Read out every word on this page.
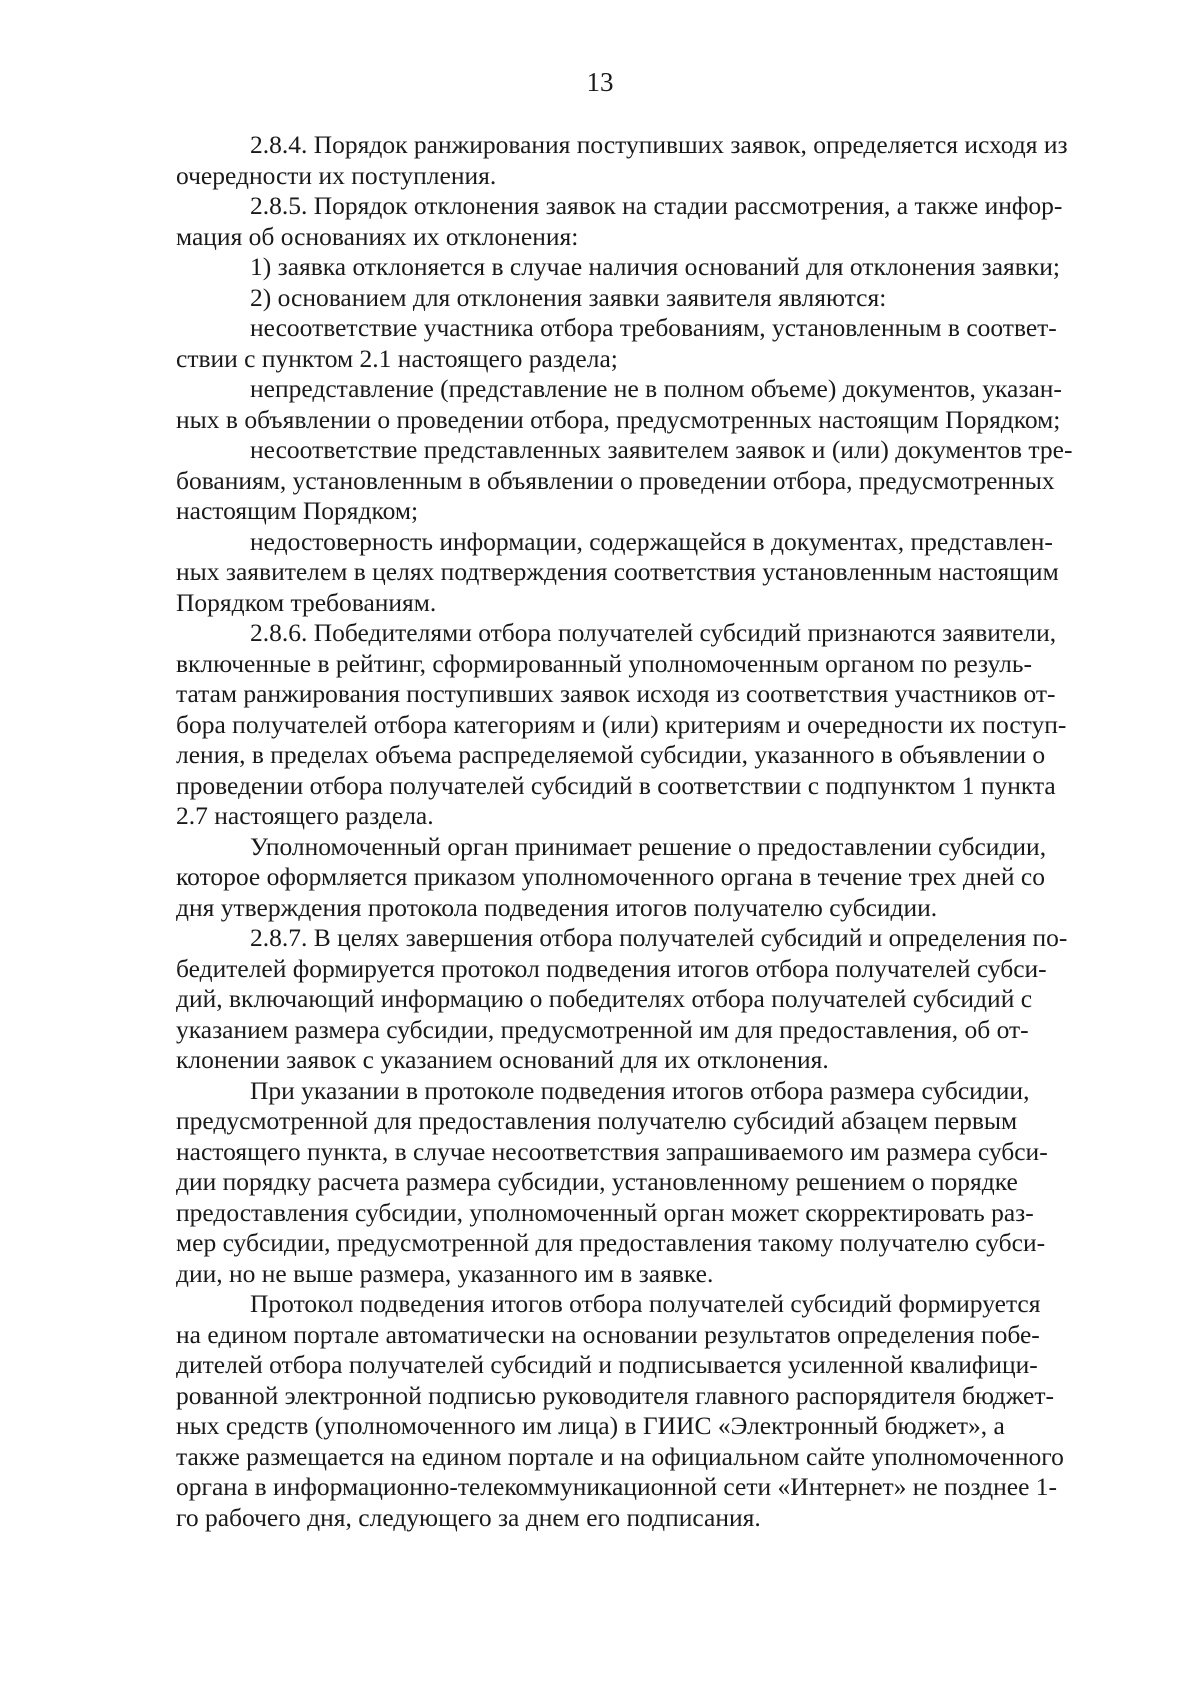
13
2.8.4. Порядок ранжирования поступивших заявок, определяется исходя из
очередности их поступления.
2.8.5. Порядок отклонения заявок на стадии рассмотрения, а также инфор-
мация об основаниях их отклонения:
1) заявка отклоняется в случае наличия оснований для отклонения заявки;
2) основанием для отклонения заявки заявителя являются:
несоответствие участника отбора требованиям, установленным в соответ-
ствии с пунктом 2.1 настоящего раздела;
непредставление (представление не в полном объеме) документов, указан-
ных в объявлении о проведении отбора, предусмотренных настоящим Порядком;
несоответствие представленных заявителем заявок и (или) документов тре-
бованиям, установленным в объявлении о проведении отбора, предусмотренных
настоящим Порядком;
недостоверность информации, содержащейся в документах, представлен-
ных заявителем в целях подтверждения соответствия установленным настоящим
Порядком требованиям.
2.8.6. Победителями отбора получателей субсидий признаются заявители,
включенные в рейтинг, сформированный уполномоченным органом по резуль-
татам ранжирования поступивших заявок исходя из соответствия участников от-
бора получателей отбора категориям и (или) критериям и очередности их поступ-
ления, в пределах объема распределяемой субсидии, указанного в объявлении о
проведении отбора получателей субсидий в соответствии с подпунктом 1 пункта
2.7 настоящего раздела.
Уполномоченный орган принимает решение о предоставлении субсидии,
которое оформляется приказом уполномоченного органа в течение трех дней со
дня утверждения протокола подведения итогов получателю субсидии.
2.8.7. В целях завершения отбора получателей субсидий и определения по-
бедителей формируется протокол подведения итогов отбора получателей субси-
дий, включающий информацию о победителях отбора получателей субсидий с
указанием размера субсидии, предусмотренной им для предоставления, об от-
клонении заявок с указанием оснований для их отклонения.
При указании в протоколе подведения итогов отбора размера субсидии,
предусмотренной для предоставления получателю субсидий абзацем первым
настоящего пункта, в случае несоответствия запрашиваемого им размера субси-
дии порядку расчета размера субсидии, установленному решением о порядке
предоставления субсидии, уполномоченный орган может скорректировать раз-
мер субсидии, предусмотренной для предоставления такому получателю субси-
дии, но не выше размера, указанного им в заявке.
Протокол подведения итогов отбора получателей субсидий формируется
на едином портале автоматически на основании результатов определения побе-
дителей отбора получателей субсидий и подписывается усиленной квалифици-
рованной электронной подписью руководителя главного распорядителя бюджет-
ных средств (уполномоченного им лица) в ГИИС «Электронный бюджет», а
также размещается на едином портале и на официальном сайте уполномоченного
органа в информационно-телекоммуникационной сети «Интернет» не позднее 1-
го рабочего дня, следующего за днем его подписания.
